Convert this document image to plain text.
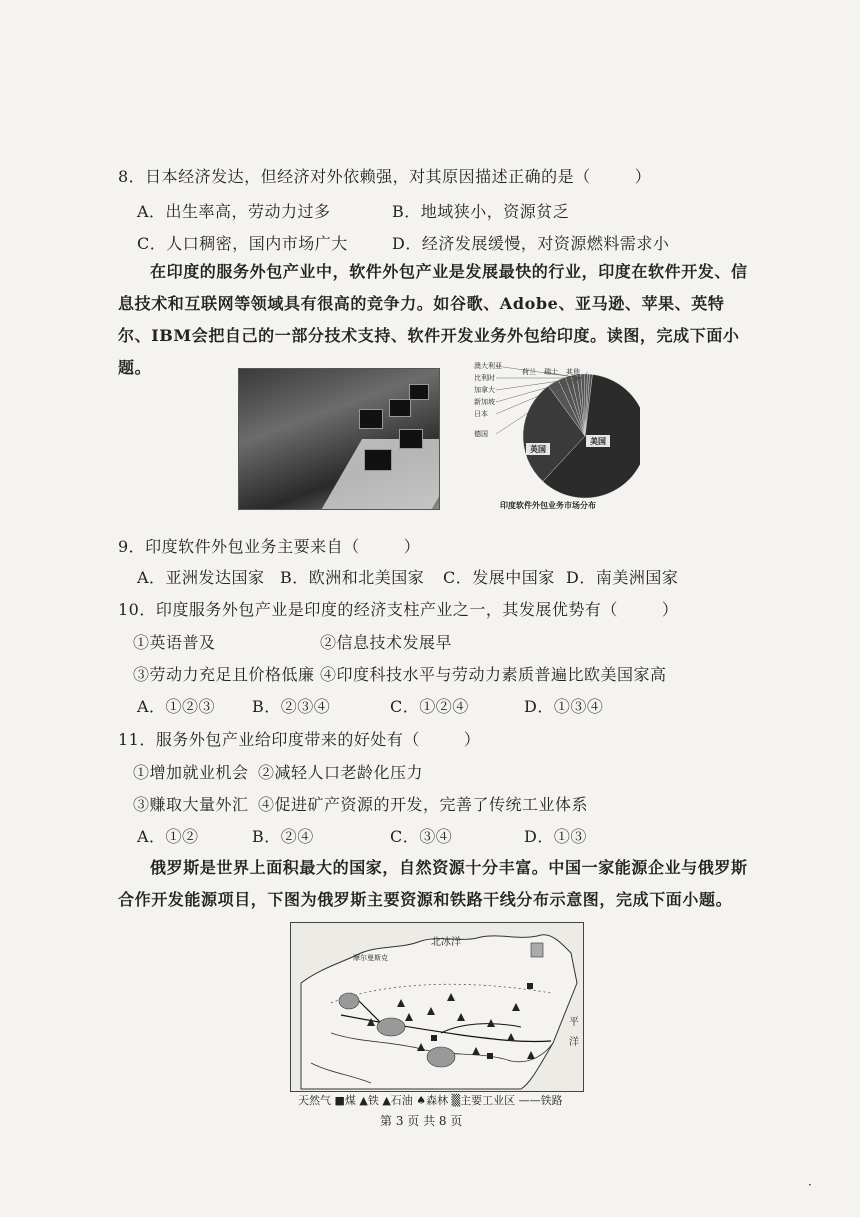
8．日本经济发达，但经济对外依赖强，对其原因描述正确的是（	）
A．出生率高，劳动力过多	B．地域狭小，资源贫乏
C．人口稠密，国内市场广大	D．经济发展缓慢，对资源燃料需求小
在印度的服务外包产业中，软件外包产业是发展最快的行业，印度在软件开发、信息技术和互联网等领域具有很高的竞争力。如谷歌、Adobe、亚马逊、苹果、英特尔、IBM会把自己的一部分技术支持、软件开发业务外包给印度。读图，完成下面小题。
美国
英国
澳大利亚
荷兰 瑞士 其他
比利时
加拿大
新加坡
日本
德国
印度软件外包业务市场分布
9．印度软件外包业务主要来自（	）
A．亚洲发达国家 B．欧洲和北美国家 C．发展中国家 D．南美洲国家
10．印度服务外包产业是印度的经济支柱产业之一，其发展优势有（	）
①英语普及	②信息技术发展早
③劳动力充足且价格低廉 ④印度科技水平与劳动力素质普遍比欧美国家高
A．①②③ B．②③④	C．①②④	D．①③④
11．服务外包产业给印度带来的好处有（	）
①增加就业机会 ②减轻人口老龄化压力
③赚取大量外汇 ④促进矿产资源的开发，完善了传统工业体系
A．①②	B．②④	C．③④	D．①③
俄罗斯是世界上面积最大的国家，自然资源十分丰富。中国一家能源企业与俄罗斯合作开发能源项目，下图为俄罗斯主要资源和铁路干线分布示意图，完成下面小题。
北冰洋
摩尔曼斯克
平
洋
天然气 ■煤 ▲铁 ▲石油 ♠森林 ▒主要工业区 ——铁路
第 3 页 共 8 页
·
